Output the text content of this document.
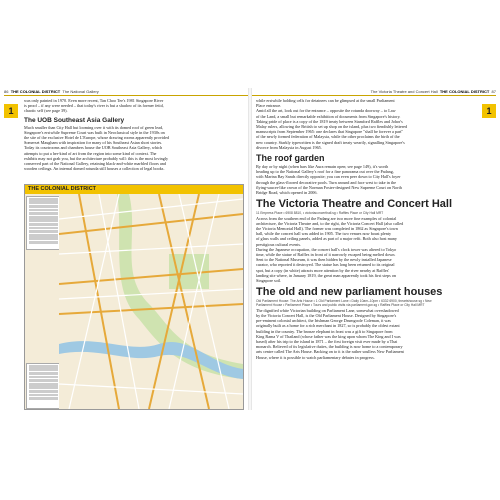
86 THE COLONIAL DISTRICT The National Gallery
1
was only painted in 1970. Even more recent, Tan Choo Tee's 1981 Singapore River
is proof – if any were needed – that today's river is but a shadow of its former fetid,
chaotic self (see page 39).
The UOB Southeast Asia Gallery
Much smaller than City Hall but looming over it with its domed roof of green lead,
Singapore's erstwhile Supreme Court was built in Neoclassical style in the 1930s on
the site of the exclusive Hotel de L'Europe, whose drawing rooms apparently provided
Somerset Maugham with inspiration for many of his Southeast Asian short stories.
Today its courtrooms and chambers house the UOB Southeast Asia Gallery, which
attempts to put a her-kind of art from the region into some kind of context. The
exhibits may not grab you, but the architecture probably will: this is the most lovingly
conserved part of the National Gallery, retaining black-and-white marbled floors and
wooden ceilings. An internal domed rotunda still houses a collection of legal books.
THE COLONIAL DISTRICT
The Victoria Theatre and Concert Hall THE COLONIAL DISTRICT 87
1
while erstwhile holding cells for detainees can be glimpsed at the small Parliament
Place entrance.
Amid all the art, look out for the entrance – opposite the rotunda doorway – to Law
of the Land, a small but remarkable exhibition of documents from Singapore's history.
Taking pride of place is a copy of the 1819 treaty between Stamford Raffles and Johor's
Malay rulers, allowing the British to set up shop on the island, plus two fiendishly lettered
manuscripts from September 1965: one declares that Singapore "shall be forever a part"
of the newly formed federation of Malaysia, while the other proclaims the birth of the
new country. Starkly typewritten is the signed draft treaty wearily, signalling Singapore's
divorce from Malaysia in August 1965.
The roof garden
By day or by night (when bars like Aura remain open; see page 149), it's worth
heading up to the National Gallery's roof for a fine panorama out over the Padang,
with Marina Bay Sands directly opposite; you can even peer down to City Hall's foyer
through the glass-floored decorative pools. Turn around and face west to take in the
flying-saucer-like crown of the Norman Foster-designed New Supreme Court on North
Bridge Road, which opened in 2006.
The Victoria Theatre and Concert Hall
11 Empress Place • 6908 8810, • victoriaconcerthall.sg • Raffles Place or City Hall MRT
Across from the southern end of the Padang are two more fine examples of colonial
architecture, the Victoria Theatre and, to the right, the Victoria Concert Hall (also called
the Victoria Memorial Hall). The former was completed in 1862 as Singapore's town
hall, while the concert hall was added in 1905. The two venues now boast plenty
of glass walls and ceiling panels, added as part of a major refit. Both also host many
prestigious cultural events.
During the Japanese occupation, the concert hall's clock tower was altered to Tokyo
time, while the statue of Raffles in front of it narrowly escaped being melted down.
Sent to the National Museum, it was then hidden by the newly installed Japanese
curator, who reported it destroyed. The statue has long been returned to its original
spot, but a copy (in white) attracts more attention by the river nearby at Raffles'
landing site where, in January 1819, the great man apparently took his first steps on
Singapore soil.
The old and new parliament houses
Old Parliament House: The Arts House • 1 Old Parliament Lane • Daily 10am–10pm • 6332 6900, theartshouse.sg • New
Parliament House • Parliament Place • Tours and public visits via parliament.gov.sg • Raffles Place or City Hall MRT
The dignified white Victorian building on Parliament Lane, somewhat overshadowed
by the Victoria Concert Hall, is the Old Parliament House. Designed by Singapore's
pre-eminent colonial architect, the Irishman George Drumgoole Coleman, it was
originally built as a home for a rich merchant in 1827, so is probably the oldest extant
building in the country. The bronze elephant in front was a gift to Singapore from
King Rama V of Thailand (whose father was the king upon whom The King and I was
based) after his trip to the island in 1871 – the first foreign visit ever made by a Thai
monarch. Relieved of its legislative duties, the building is now home to a contemporary
arts centre called The Arts House. Backing on to it is the rather soulless New Parliament
House, where it is possible to watch parliamentary debates in progress.
